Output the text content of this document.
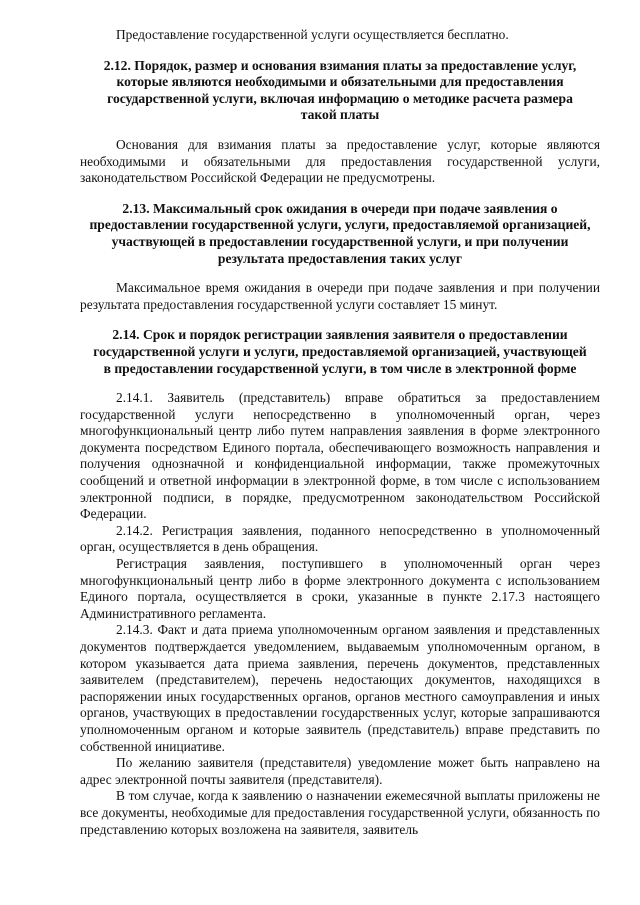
Предоставление государственной услуги осуществляется бесплатно.

2.12. Порядок, размер и основания взимания платы за предоставление услуг, которые являются необходимыми и обязательными для предоставления государственной услуги, включая информацию о методике расчета размера такой платы

Основания для взимания платы за предоставление услуг, которые являются необходимыми и обязательными для предоставления государственной услуги, законодательством Российской Федерации не предусмотрены.

2.13. Максимальный срок ожидания в очереди при подаче заявления о предоставлении государственной услуги, услуги, предоставляемой организацией, участвующей в предоставлении государственной услуги, и при получении результата предоставления таких услуг

Максимальное время ожидания в очереди при подаче заявления и при получении результата предоставления государственной услуги составляет 15 минут.

2.14. Срок и порядок регистрации заявления заявителя о предоставлении государственной услуги и услуги, предоставляемой организацией, участвующей в предоставлении государственной услуги, в том числе в электронной форме

2.14.1. Заявитель (представитель) вправе обратиться за предоставлением государственной услуги непосредственно в уполномоченный орган, через многофункциональный центр либо путем направления заявления в форме электронного документа посредством Единого портала, обеспечивающего возможность направления и получения однозначной и конфиденциальной информации, также промежуточных сообщений и ответной информации в электронной форме, в том числе с использованием электронной подписи, в порядке, предусмотренном законодательством Российской Федерации.

2.14.2. Регистрация заявления, поданного непосредственно в уполномоченный орган, осуществляется в день обращения.

Регистрация заявления, поступившего в уполномоченный орган через многофункциональный центр либо в форме электронного документа с использованием Единого портала, осуществляется в сроки, указанные в пункте 2.17.3 настоящего Административного регламента.

2.14.3. Факт и дата приема уполномоченным органом заявления и представленных документов подтверждается уведомлением, выдаваемым уполномоченным органом, в котором указывается дата приема заявления, перечень документов, представленных заявителем (представителем), перечень недостающих документов, находящихся в распоряжении иных государственных органов, органов местного самоуправления и иных органов, участвующих в предоставлении государственных услуг, которые запрашиваются уполномоченным органом и которые заявитель (представитель) вправе представить по собственной инициативе.

По желанию заявителя (представителя) уведомление может быть направлено на адрес электронной почты заявителя (представителя).

В том случае, когда к заявлению о назначении ежемесячной выплаты приложены не все документы, необходимые для предоставления государственной услуги, обязанность по представлению которых возложена на заявителя, заявитель
